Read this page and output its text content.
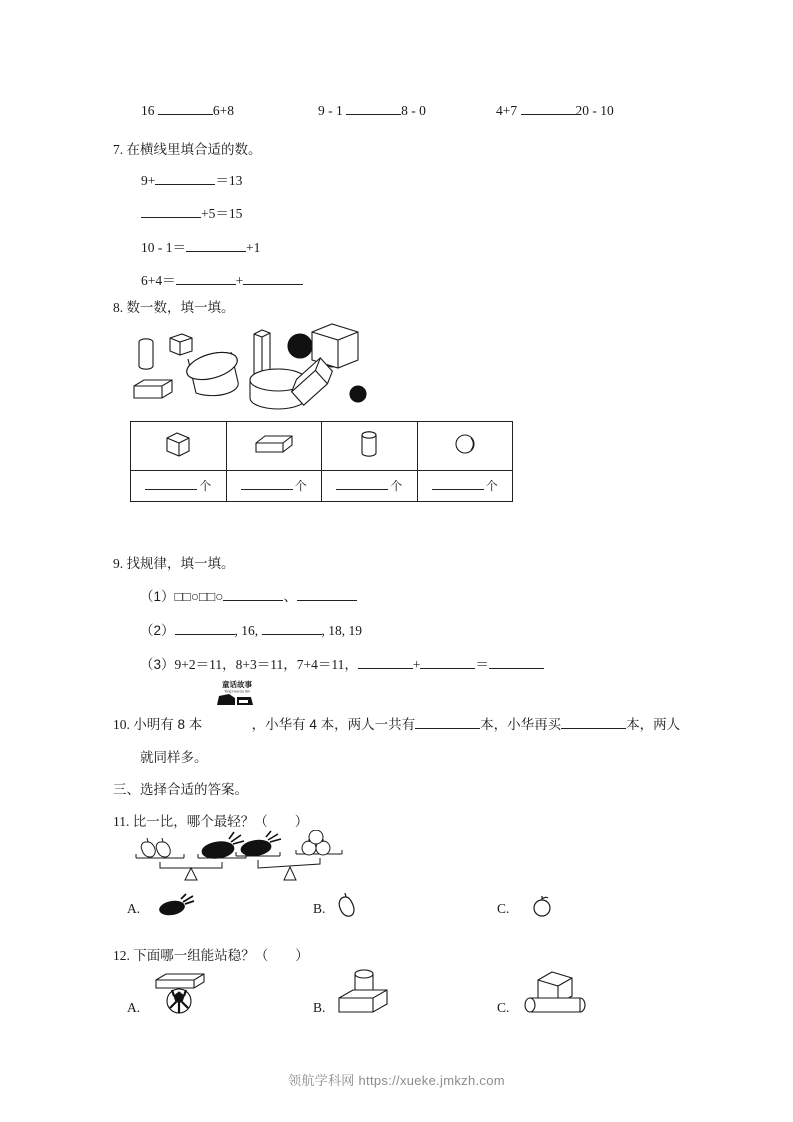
16	6+8	9 - 1	8 - 0	4+7	20 - 10
7. 在横线里填合适的数。
9+	＝13
+5＝15
10 - 1＝	+1
6+4＝	+
8. 数一数，填一填。

个	个	个	个
9. 找规律，填一填。
（1）□□○□□○	、
（2）	, 16,	, 18, 19
（3）9+2＝11，8+3＝11，7+4＝11，	+	＝
童话故事
Tong Hua Gu Shi
10. 小明有 8 本	，小华有 4 本，两人一共有	本，小华再买	本，两人
就同样多。
三、选择合适的答案。
11. 比一比，哪个最轻？（　　）
A.	B.	C.
12. 下面哪一组能站稳？（　　）
A.	B.	C.
领航学科网 https://xueke.jmkzh.com
